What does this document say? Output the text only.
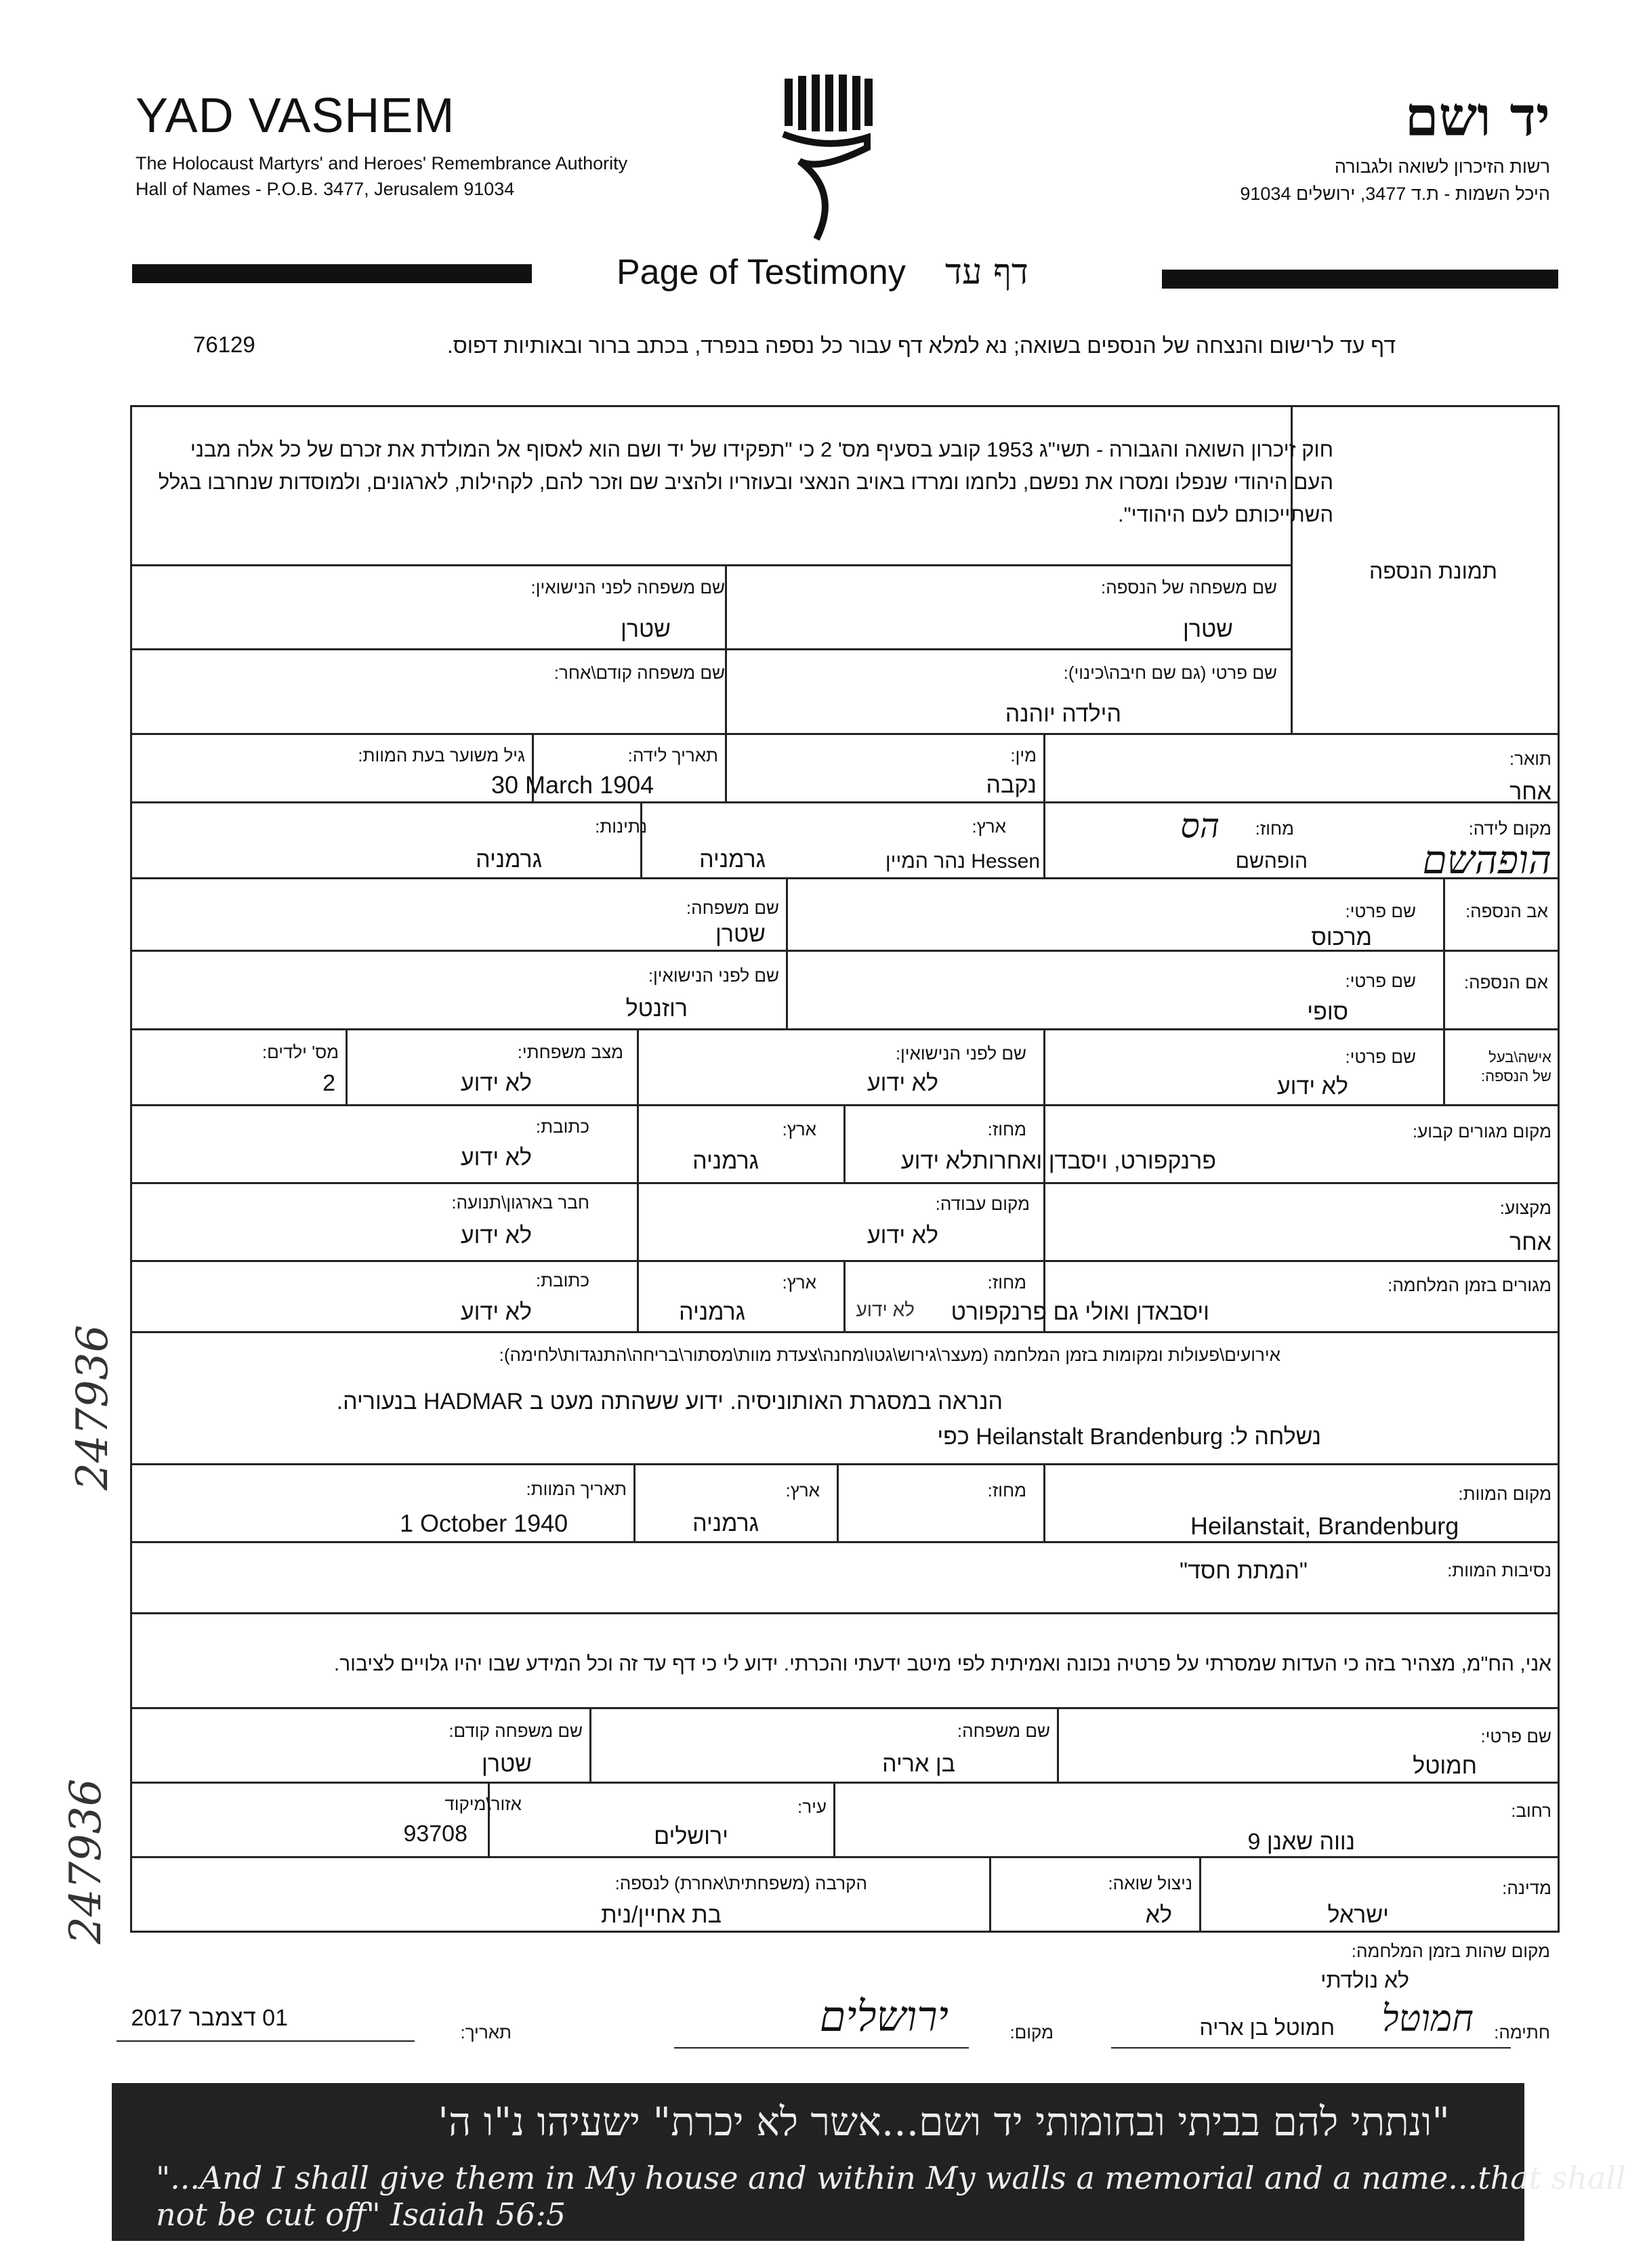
YAD VASHEM
The Holocaust Martyrs' and Heroes' Remembrance Authority
Hall of Names - P.O.B. 3477, Jerusalem 91034
יד ושם
רשות הזיכרון לשואה ולגבורה
היכל השמות - ת.ד 3477, ירושלים 91034
Page of Testimony דף עד
דף עד לרישום והנצחה של הנספים בשואה; נא למלא דף עבור כל נספה בנפרד, בכתב ברור ובאותיות דפוס.
76129
חוק זיכרון השואה והגבורה - תשי"ג 1953 קובע בסעיף מס' 2 כי "תפקידו של יד ושם הוא לאסוף אל המולדת את זכרם של כל אלה מבני העם היהודי שנפלו ומסרו את נפשם, נלחמו ומרדו באויב הנאצי ובעוזריו ולהציב שם וזכר להם, לקהילות, לארגונים, ולמוסדות שנחרבו בגלל השתייכותם לעם היהודי".
תמונת הנספה
שם משפחה של הנספה:
שטרן
שם משפחה לפני הנישואין:
שטרן
שם פרטי (גם שם חיבה\כינוי):
הילדה יוהנה
שם משפחה קודם\אחר:
תואר:
אחר
מין:
נקבה
תאריך לידה:
30 March 1904
גיל משוער בעת המוות:
מקום לידה:
הופהשם
מחוז:
הס
הופהשם
Hessen נהר המיין
ארץ:
גרמניה
נתינות:
גרמניה
אב הנספה:
שם פרטי:
מרכוס
שם משפחה:
שטרן
אם הנספה:
שם פרטי:
סופי
שם לפני הנישואין:
רוזנטל
אישה\בעל
של הנספה:
שם פרטי:
לא ידוע
שם לפני הנישואין:
לא ידוע
מצב משפחתי:
לא ידוע
מס' ילדים:
2
מקום מגורים קבוע:
פרנקפורט, ויסבדן ואחרות
מחוז:
לא ידוע
ארץ:
גרמניה
כתובת:
לא ידוע
מקצוע:
אחר
מקום עבודה:
לא ידוע
חבר בארגון\תנועה:
לא ידוע
מגורים בזמן המלחמה:
ויסבאדן ואולי גם פרנקפורט
מחוז:
לא ידוע
ארץ:
גרמניה
כתובת:
לא ידוע
אירועים\פעולות ומקומות בזמן המלחמה (מעצר\גירוש\גטו\מחנה\צעדת מוות\מסתור\בריחה\התנגדות\לחימה):
הנראה במסגרת האותוניסיה. ידוע ששהתה מעט ב HADMAR בנעוריה.
נשלחה ל: Heilanstalt Brandenburg כפי
מקום המוות:
Heilanstait, Brandenburg
מחוז:
ארץ:
גרמניה
תאריך המוות:
1 October 1940
נסיבות המוות:
"המתת חסד"
אני, הח"מ, מצהיר בזה כי העדות שמסרתי על פרטיה נכונה ואמיתית לפי מיטב ידעתי והכרתי. ידוע לי כי דף עד זה וכל המידע שבו יהיו גלויים לציבור.
שם פרטי:
חמוטל
שם משפחה:
בן אריה
שם משפחה קודם:
שטרן
רחוב:
נווה שאנן 9
עיר:
ירושלים
אזור\מיקוד
93708
מדינה:
ישראל
ניצול שואה:
לא
הקרבה (משפחתית\אחרת) לנספה:
בת אחיין/נית
מקום שהות בזמן המלחמה:
לא נולדתי
חתימה:
חמוטל
חמוטל בן אריה
מקום:
ירושלים
תאריך:
01 דצמבר 2017
247936
247936
"ונתתי להם בביתי ובחומותי יד ושם...אשר לא יכרת" ישעיהו נ"ו ה'
"...And I shall give them in My house and within My walls a memorial and a name...that shall not be cut off" Isaiah 56:5
